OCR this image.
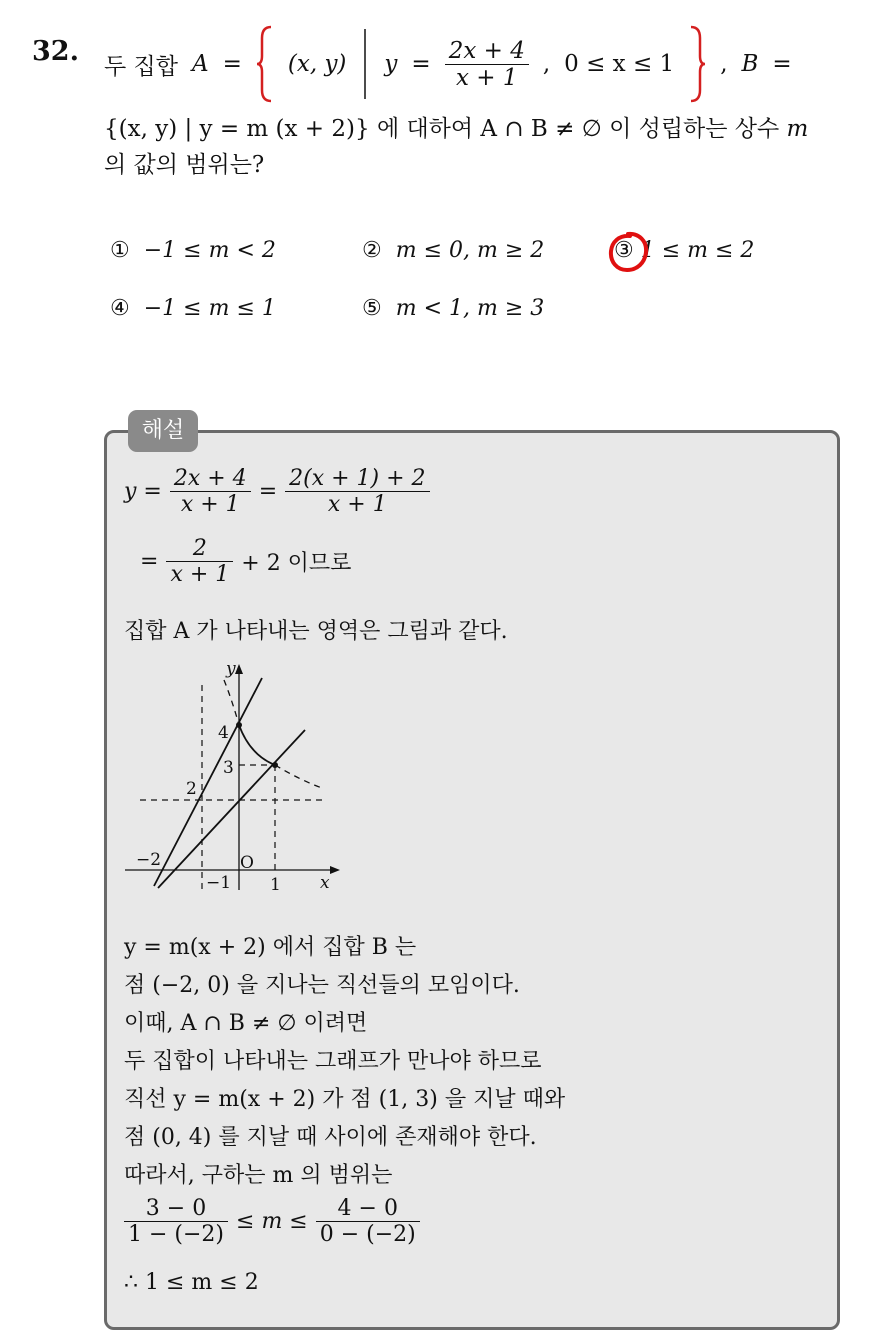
32. 두 집합 A = (x, y) $y = \frac{2x + 4}{x + 1}$ , 0 ≤ x ≤ 1 , B =
{(x, y) | y = m (x + 2)} 에 대하여 A ∩ B ≠ ∅ 이 성립하는 상수 m
의 값의 범위는?
① −1 ≤ m < 2	② m ≤ 0, m ≥ 2	③ 1 ≤ m ≤ 2
④ −1 ≤ m ≤ 1	⑤ m < 1, m ≥ 3
해설
$y = \frac{2x + 4}{x + 1} = \frac{2(x + 1) + 2}{x + 1}$
= $\frac{2}{x + 1} + 2$ 이므로
집합 A 가 나타내는 영역은 그림과 같다.
y
x
4
3
2
−2	O
−1 1
y = m(x + 2) 에서 집합 B 는
점 (−2, 0) 을 지나는 직선들의 모임이다.
이때, A ∩ B ≠ ∅ 이려면
두 집합이 나타내는 그래프가 만나야 하므로
직선 y = m(x + 2) 가 점 (1, 3) 을 지날 때와
점 (0, 4) 를 지날 때 사이에 존재해야 한다.
따라서, 구하는 m 의 범위는
$\frac{3 - 0}{1 - (-2)} \le m \le \frac{4 - 0}{0 - (-2)}$
∴ 1 ≤ m ≤ 2
